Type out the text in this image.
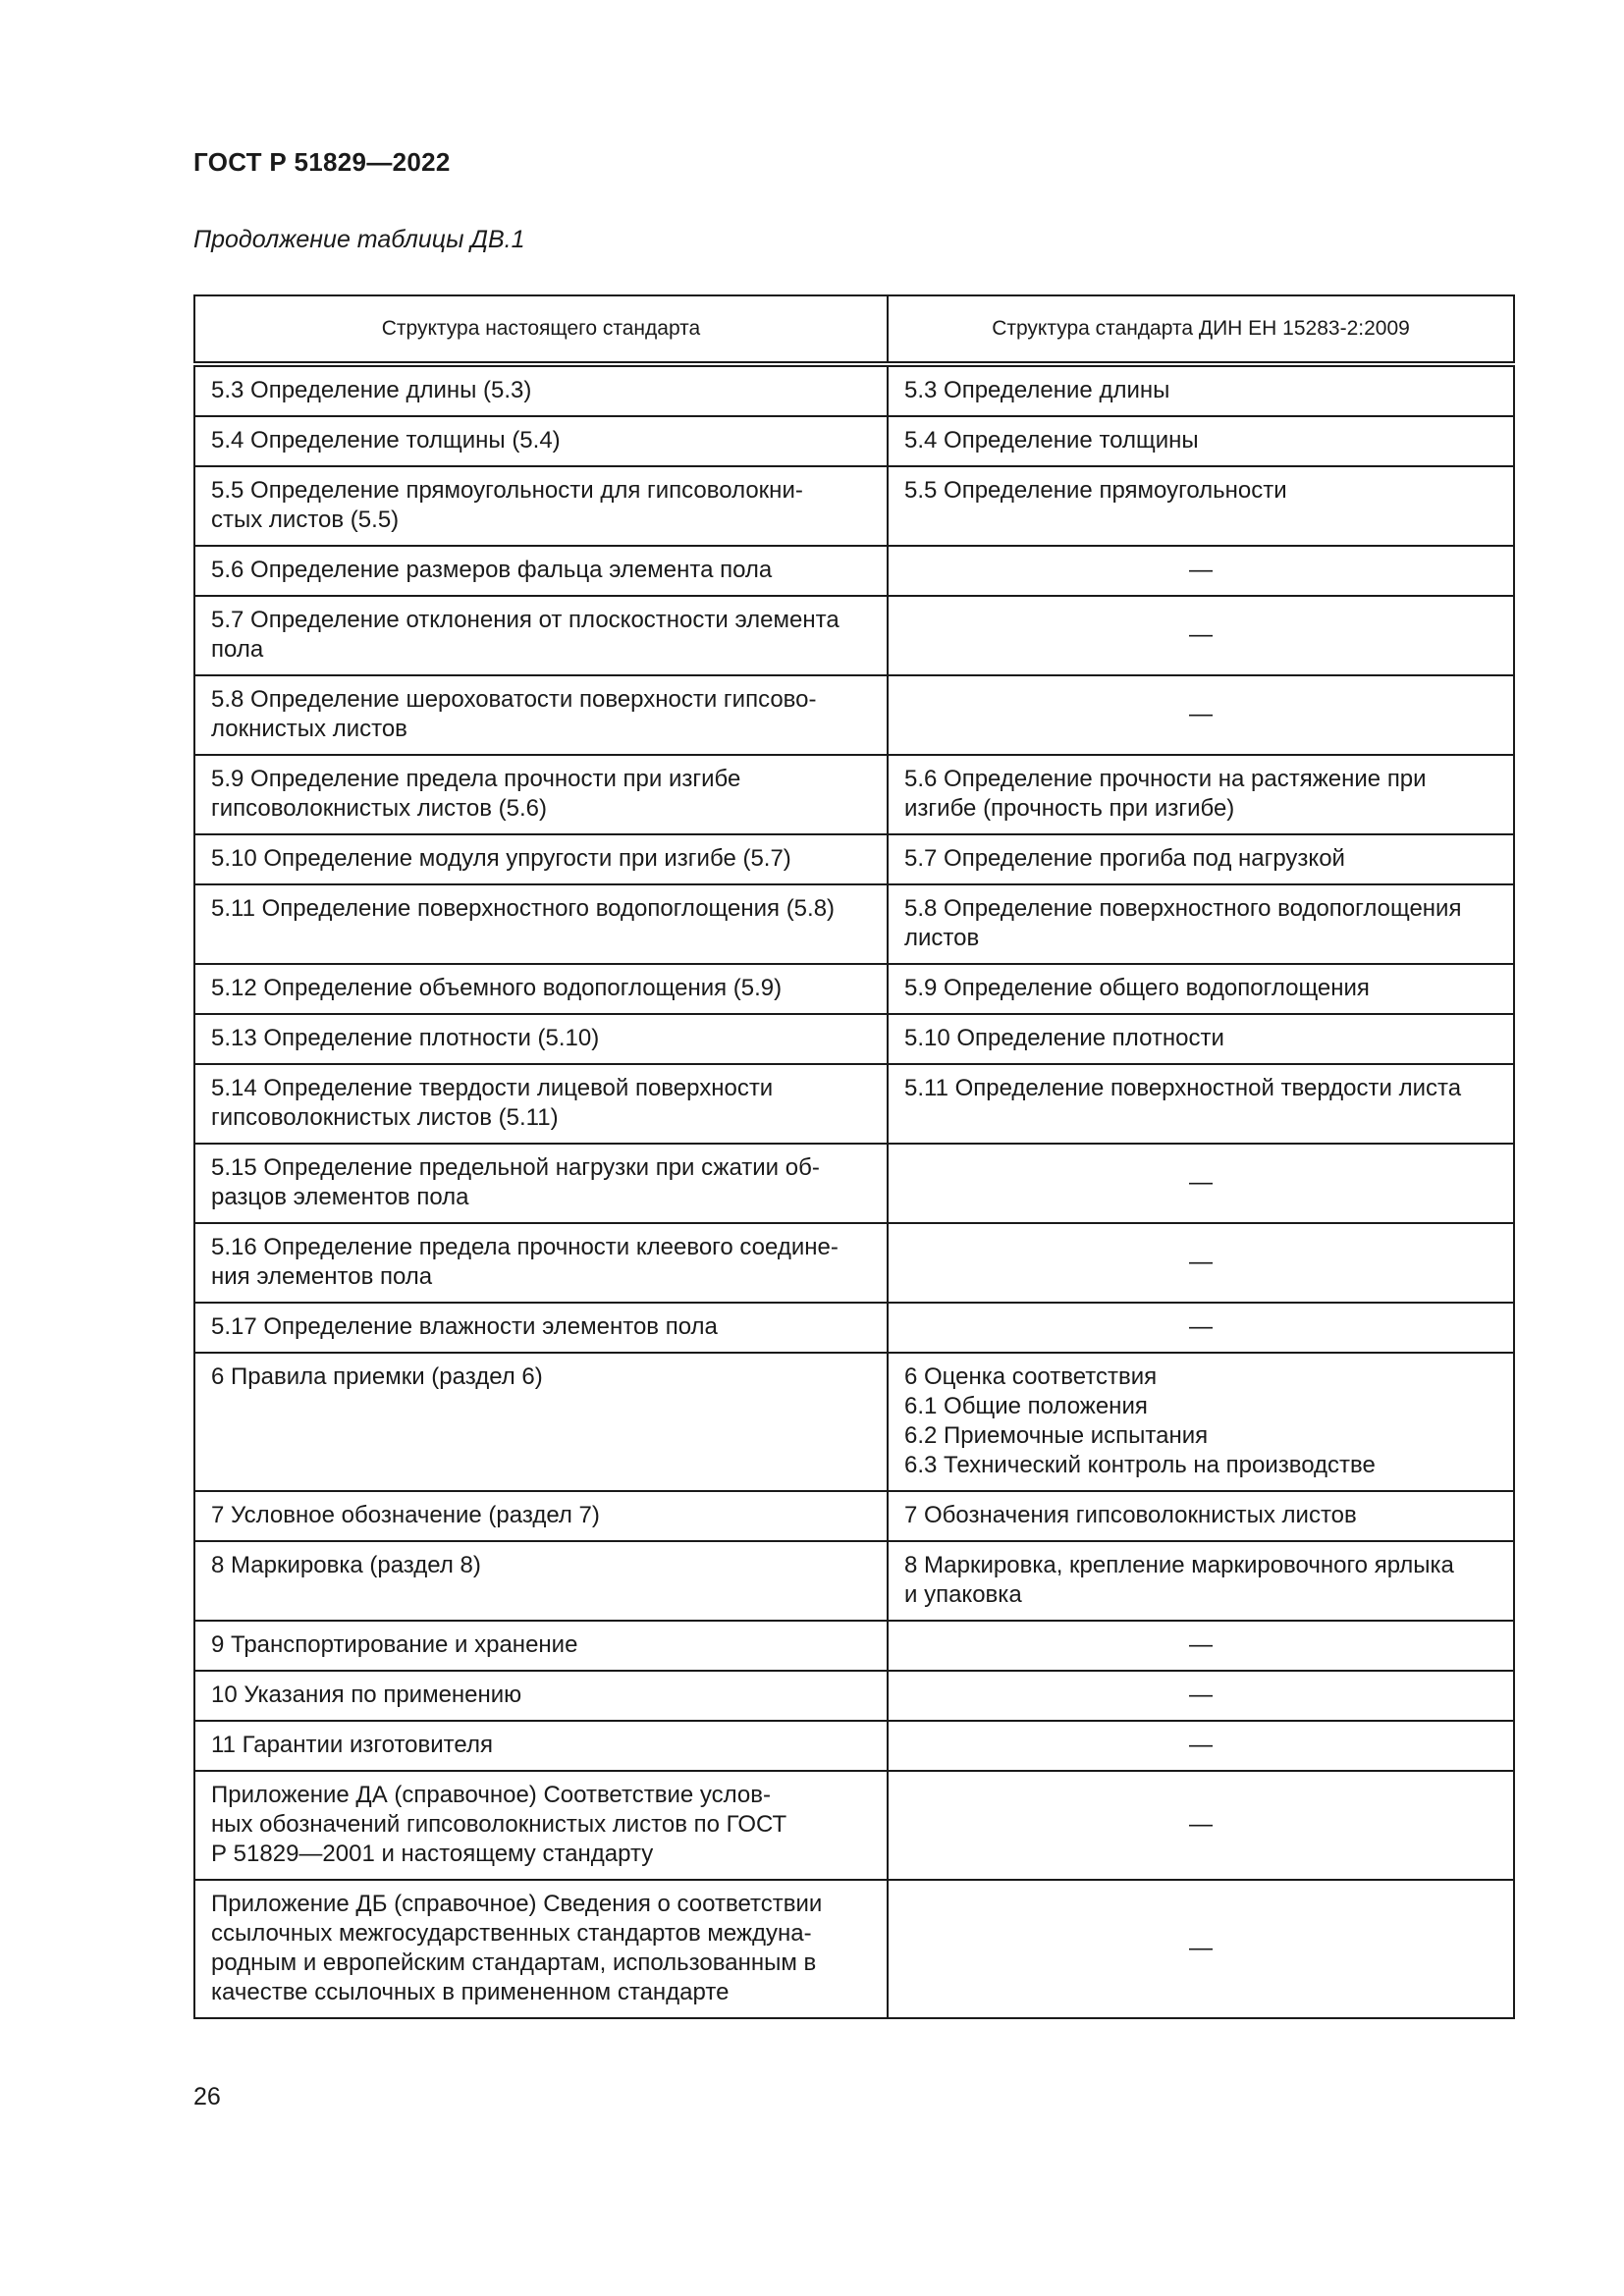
ГОСТ Р 51829—2022
Продолжение таблицы ДВ.1
Структура настоящего стандарта	Структура стандарта ДИН ЕН 15283-2:2009

5.3 Определение длины (5.3)	5.3 Определение длины

5.4 Определение толщины (5.4)	5.4 Определение толщины

5.5 Определение прямоугольности для гипсоволокни-
стых листов (5.5)	5.5 Определение прямоугольности

5.6 Определение размеров фальца элемента пола	—

5.7 Определение отклонения от плоскостности элемента
пола	—

5.8 Определение шероховатости поверхности гипсово-
локнистых листов	—

5.9 Определение предела прочности при изгибе
гипсоволокнистых листов (5.6)	5.6 Определение прочности на растяжение при
изгибе (прочность при изгибе)

5.10 Определение модуля упругости при изгибе (5.7)	5.7 Определение прогиба под нагрузкой

5.11 Определение поверхностного водопоглощения (5.8)	5.8 Определение поверхностного водопоглощения
листов

5.12 Определение объемного водопоглощения (5.9)	5.9 Определение общего водопоглощения

5.13 Определение плотности (5.10)	5.10 Определение плотности

5.14 Определение твердости лицевой поверхности
гипсоволокнистых листов (5.11)	5.11 Определение поверхностной твердости листа

5.15 Определение предельной нагрузки при сжатии об-
разцов элементов пола	—

5.16 Определение предела прочности клеевого соедине-
ния элементов пола	—

5.17 Определение влажности элементов пола	—

6 Правила приемки (раздел 6)	6 Оценка соответствия
6.1 Общие положения
6.2 Приемочные испытания
6.3 Технический контроль на производстве

7 Условное обозначение (раздел 7)	7 Обозначения гипсоволокнистых листов

8 Маркировка (раздел 8)	8 Маркировка, крепление маркировочного ярлыка
и упаковка

9 Транспортирование и хранение	—

10 Указания по применению	—

11 Гарантии изготовителя	—

Приложение ДА (справочное) Соответствие услов-
ных обозначений гипсоволокнистых листов по ГОСТ
Р 51829—2001 и настоящему стандарту	—

Приложение ДБ (справочное) Сведения о соответствии
ссылочных межгосударственных стандартов междуна-
родным и европейским стандартам, использованным в
качестве ссылочных в примененном стандарте	—
26
